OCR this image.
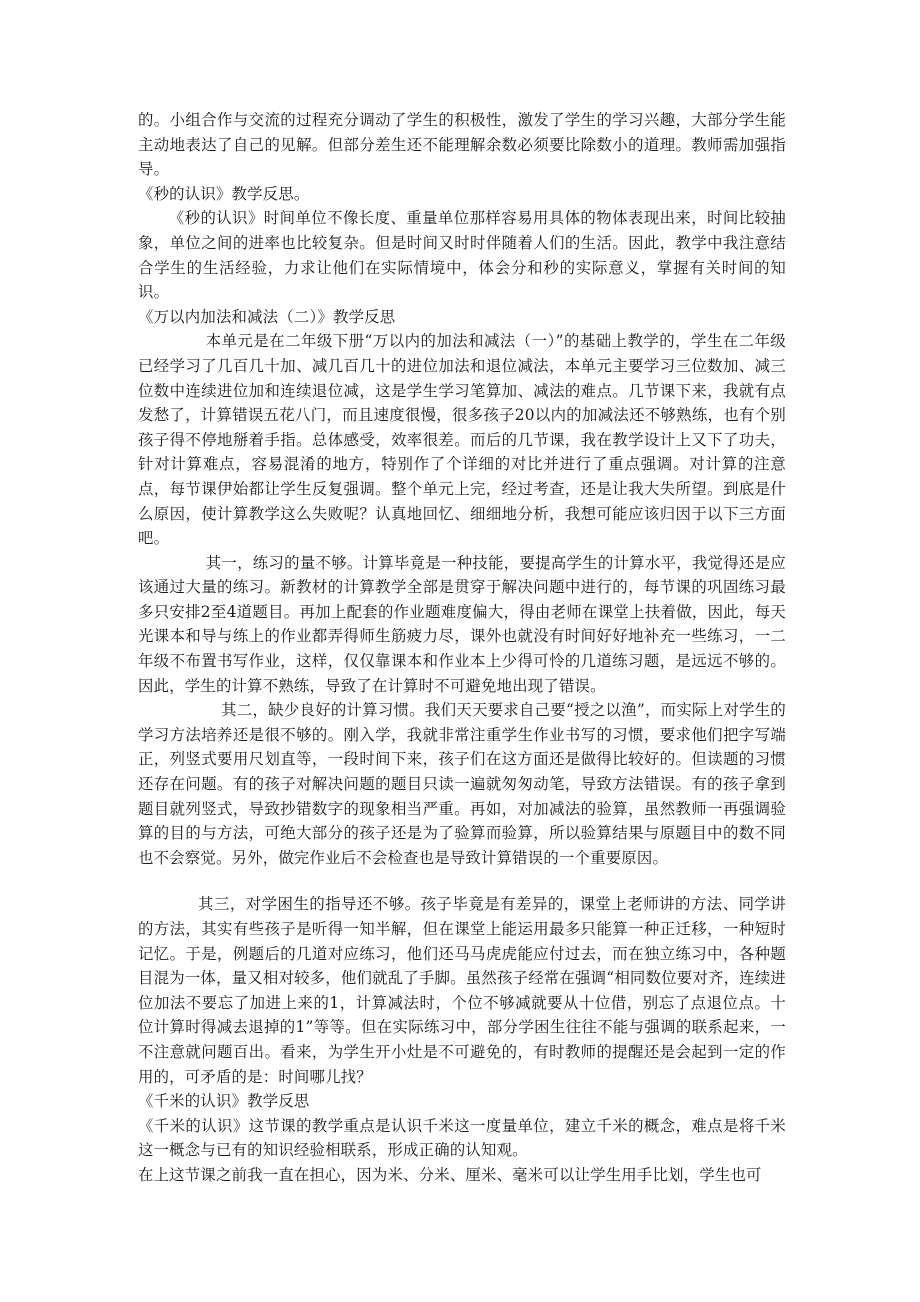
的。小组合作与交流的过程充分调动了学生的积极性，激发了学生的学习兴趣，大部分学生能主动地表达了自己的见解。但部分差生还不能理解余数必须要比除数小的道理。教师需加强指导。

《秒的认识》教学反思。

《秒的认识》时间单位不像长度、重量单位那样容易用具体的物体表现出来，时间比较抽象，单位之间的进率也比较复杂。但是时间又时时伴随着人们的生活。因此，教学中我注意结合学生的生活经验，力求让他们在实际情境中，体会分和秒的实际意义，掌握有关时间的知识。

《万以内加法和减法（二）》教学反思

本单元是在二年级下册“万以内的加法和减法（一）”的基础上教学的，学生在二年级已经学习了几百几十加、减几百几十的进位加法和退位减法，本单元主要学习三位数加、减三位数中连续进位加和连续退位减，这是学生学习笔算加、减法的难点。几节课下来，我就有点发愁了，计算错误五花八门，而且速度很慢，很多孩子20以内的加减法还不够熟练，也有个别孩子得不停地掰着手指。总体感受，效率很差。而后的几节课，我在教学设计上又下了功夫，针对计算难点，容易混淆的地方，特别作了个详细的对比并进行了重点强调。对计算的注意点，每节课伊始都让学生反复强调。整个单元上完，经过考查，还是让我大失所望。到底是什么原因，使计算教学这么失败呢？认真地回忆、细细地分析，我想可能应该归因于以下三方面吧。

其一，练习的量不够。计算毕竟是一种技能，要提高学生的计算水平，我觉得还是应该通过大量的练习。新教材的计算教学全部是贯穿于解决问题中进行的，每节课的巩固练习最多只安排2至4道题目。再加上配套的作业题难度偏大，得由老师在课堂上扶着做，因此，每天光课本和导与练上的作业都弄得师生筋疲力尽，课外也就没有时间好好地补充一些练习，一二年级不布置书写作业，这样，仅仅靠课本和作业本上少得可怜的几道练习题，是远远不够的。因此，学生的计算不熟练，导致了在计算时不可避免地出现了错误。

其二，缺少良好的计算习惯。我们天天要求自己要“授之以渔”，而实际上对学生的学习方法培养还是很不够的。刚入学，我就非常注重学生作业书写的习惯，要求他们把字写端正，列竖式要用尺划直等，一段时间下来，孩子们在这方面还是做得比较好的。但读题的习惯还存在问题。有的孩子对解决问题的题目只读一遍就匆匆动笔，导致方法错误。有的孩子拿到题目就列竖式，导致抄错数字的现象相当严重。再如，对加减法的验算，虽然教师一再强调验算的目的与方法，可绝大部分的孩子还是为了验算而验算，所以验算结果与原题目中的数不同也不会察觉。另外，做完作业后不会检查也是导致计算错误的一个重要原因。

其三，对学困生的指导还不够。孩子毕竟是有差异的，课堂上老师讲的方法、同学讲的方法，其实有些孩子是听得一知半解，但在课堂上能运用最多只能算一种正迁移，一种短时记忆。于是，例题后的几道对应练习，他们还马马虎虎能应付过去，而在独立练习中，各种题目混为一体，量又相对较多，他们就乱了手脚。虽然孩子经常在强调“相同数位要对齐，连续进位加法不要忘了加进上来的1，计算减法时，个位不够减就要从十位借，别忘了点退位点。十位计算时得减去退掉的1”等等。但在实际练习中，部分学困生往往不能与强调的联系起来，一不注意就问题百出。看来，为学生开小灶是不可避免的，有时教师的提醒还是会起到一定的作用的，可矛盾的是：时间哪儿找？

《千米的认识》教学反思

《千米的认识》这节课的教学重点是认识千米这一度量单位，建立千米的概念，难点是将千米这一概念与已有的知识经验相联系，形成正确的认知观。

在上这节课之前我一直在担心，因为米、分米、厘米、毫米可以让学生用手比划，学生也可
